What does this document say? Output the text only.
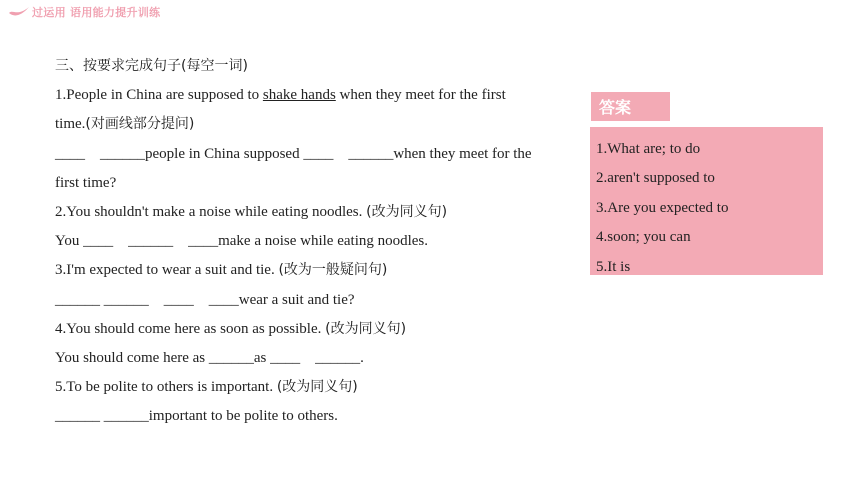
过运用 语用能力提升训练
三、按要求完成句子(每空一词)
1.People in China are supposed to shake hands when they meet for the first
time.(对画线部分提问)
____    ______people in China supposed ____    ______when they meet for the
first time?
2.You shouldn't make a noise while eating noodles. (改为同义句)
You ____    ______    ____make a noise while eating noodles.
3.I'm expected to wear a suit and tie. (改为一般疑问句)
______ ______    ____    ____wear a suit and tie?
4.You should come here as soon as possible. (改为同义句)
You should come here as ______as ____    ______.
5.To be polite to others is important. (改为同义句)
______ ______important to be polite to others.
答案
1.What are; to do
2.aren't supposed to
3.Are you expected to
4.soon; you can
5.It is
